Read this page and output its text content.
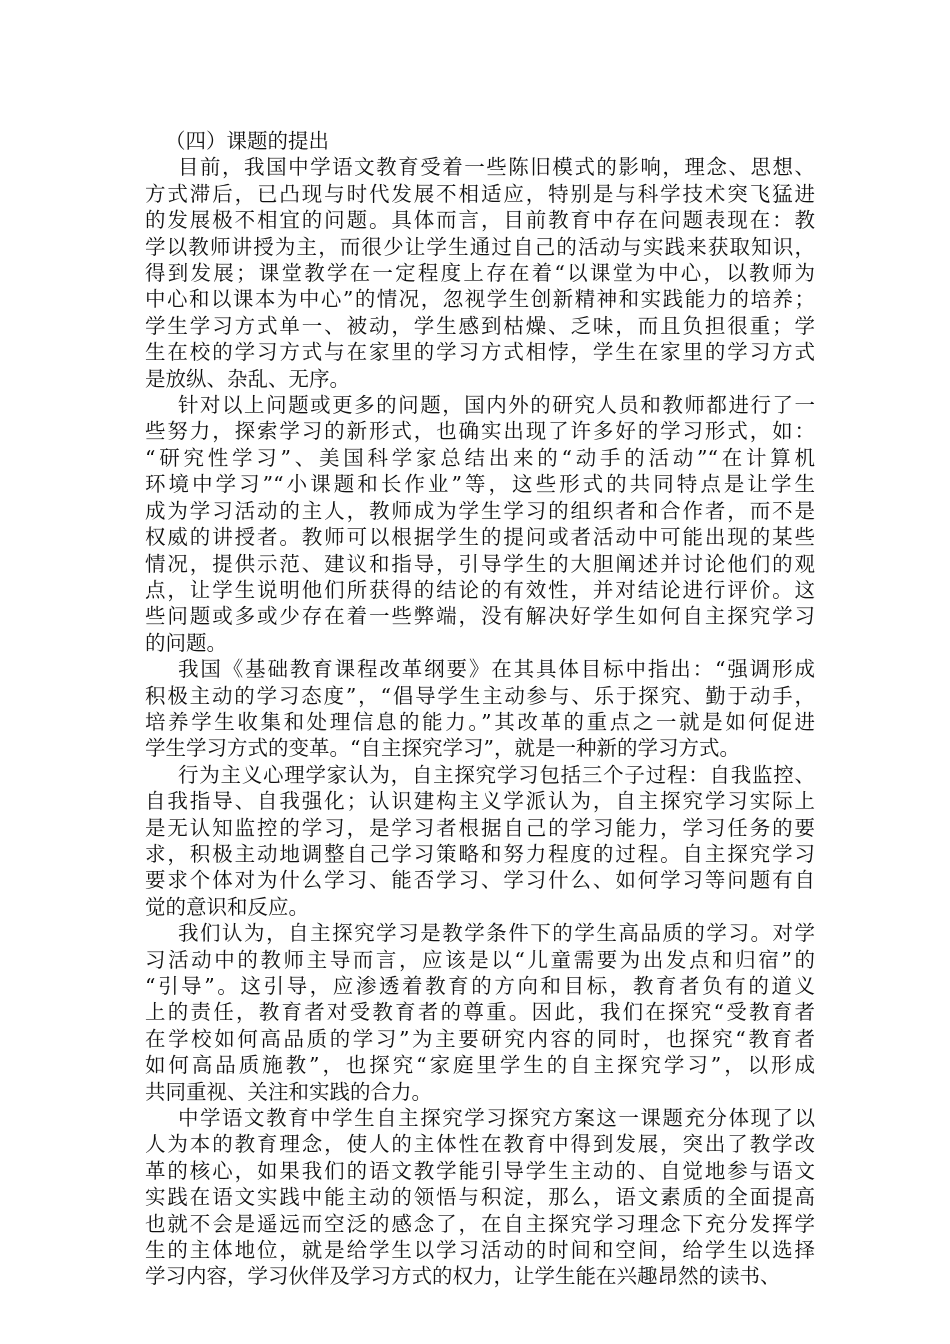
（四）课题的提出

目前，我国中学语文教育受着一些陈旧模式的影响，理念、思想、
方式滞后，已凸现与时代发展不相适应，特别是与科学技术突飞猛进
的发展极不相宜的问题。具体而言，目前教育中存在问题表现在：教
学以教师讲授为主，而很少让学生通过自己的活动与实践来获取知识，
得到发展；课堂教学在一定程度上存在着“以课堂为中心，以教师为
中心和以课本为中心”的情况，忽视学生创新精神和实践能力的培养；
学生学习方式单一、被动，学生感到枯燥、乏味，而且负担很重；学
生在校的学习方式与在家里的学习方式相悖，学生在家里的学习方式
是放纵、杂乱、无序。

针对以上问题或更多的问题，国内外的研究人员和教师都进行了一
些努力，探索学习的新形式，也确实出现了许多好的学习形式，如：
“研究性学习”、美国科学家总结出来的“动手的活动”“在计算机
环境中学习”“小课题和长作业”等，这些形式的共同特点是让学生
成为学习活动的主人，教师成为学生学习的组织者和合作者，而不是
权威的讲授者。教师可以根据学生的提问或者活动中可能出现的某些
情况，提供示范、建议和指导，引导学生的大胆阐述并讨论他们的观
点，让学生说明他们所获得的结论的有效性，并对结论进行评价。这
些问题或多或少存在着一些弊端，没有解决好学生如何自主探究学习
的问题。

我国《基础教育课程改革纲要》在其具体目标中指出：“强调形成
积极主动的学习态度”，“倡导学生主动参与、乐于探究、勤于动手，
培养学生收集和处理信息的能力。”其改革的重点之一就是如何促进
学生学习方式的变革。“自主探究学习”，就是一种新的学习方式。

行为主义心理学家认为，自主探究学习包括三个子过程：自我监控、
自我指导、自我强化；认识建构主义学派认为，自主探究学习实际上
是无认知监控的学习，是学习者根据自己的学习能力，学习任务的要
求，积极主动地调整自己学习策略和努力程度的过程。自主探究学习
要求个体对为什么学习、能否学习、学习什么、如何学习等问题有自
觉的意识和反应。

我们认为，自主探究学习是教学条件下的学生高品质的学习。对学
习活动中的教师主导而言，应该是以“儿童需要为出发点和归宿”的
“引导”。这引导，应渗透着教育的方向和目标，教育者负有的道义
上的责任，教育者对受教育者的尊重。因此，我们在探究“受教育者
在学校如何高品质的学习”为主要研究内容的同时，也探究“教育者
如何高品质施教”，也探究“家庭里学生的自主探究学习”，以形成
共同重视、关注和实践的合力。

中学语文教育中学生自主探究学习探究方案这一课题充分体现了以
人为本的教育理念，使人的主体性在教育中得到发展，突出了教学改
革的核心，如果我们的语文教学能引导学生主动的、自觉地参与语文
实践在语文实践中能主动的领悟与积淀，那么，语文素质的全面提高
也就不会是遥远而空泛的感念了，在自主探究学习理念下充分发挥学
生的主体地位，就是给学生以学习活动的时间和空间，给学生以选择
学习内容，学习伙伴及学习方式的权力，让学生能在兴趣昂然的读书、
